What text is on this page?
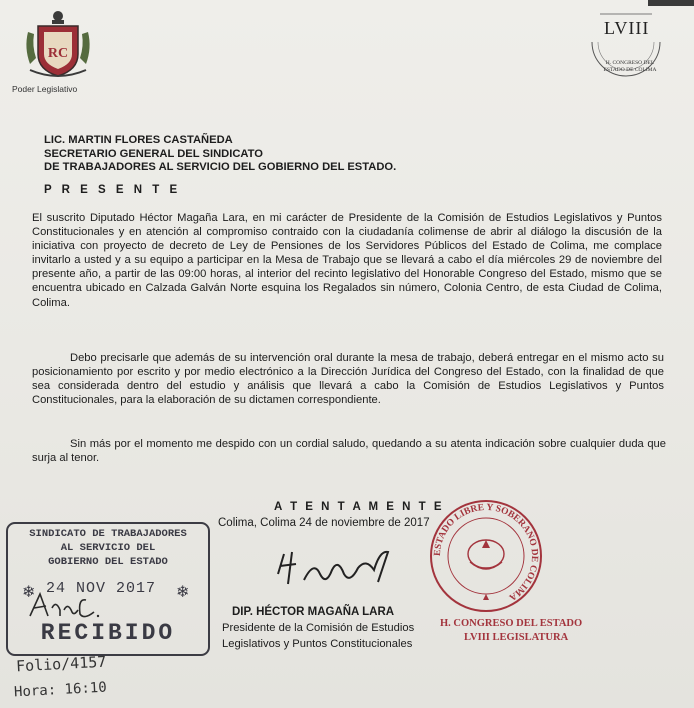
RC
Poder Legislativo
LVIII
H. CONGRESO DEL ESTADO DE COLIMA
LIC. MARTIN FLORES CASTAÑEDA
SECRETARIO GENERAL DEL SINDICATO
DE TRABAJADORES AL SERVICIO DEL GOBIERNO DEL ESTADO.
P R E S E N T E
El suscrito Diputado Héctor Magaña Lara, en mi carácter de Presidente de la Comisión de Estudios Legislativos y Puntos Constitucionales y en atención al compromiso contraido con la ciudadanía colimense de abrir al diálogo la discusión de la iniciativa con proyecto de decreto de Ley de Pensiones de los Servidores Públicos del Estado de Colima, me complace invitarlo a usted y a su equipo a participar en la Mesa de Trabajo que se llevará a cabo el día miércoles 29 de noviembre del presente año, a partir de las 09:00 horas, al interior del recinto legislativo del Honorable Congreso del Estado, mismo que se encuentra ubicado en Calzada Galván Norte esquina los Regalados sin número, Colonia Centro, de esta Ciudad de Colima, Colima.
Debo precisarle que además de su intervención oral durante la mesa de trabajo, deberá entregar en el mismo acto su posicionamiento por escrito y por medio electrónico a la Dirección Jurídica del Congreso del Estado, con la finalidad de que sea considerada dentro del estudio y análisis que llevará a cabo la Comisión de Estudios Legislativos y Puntos Constitucionales, para la elaboración de su dictamen correspondiente.
Sin más por el momento me despido con un cordial saludo, quedando a su atenta indicación sobre cualquier duda que surja al tenor.
A T E N T A M E N T E
Colima, Colima 24 de noviembre de 2017
ESTADO LIBRE Y SOBERANO DE COLIMA
H. CONGRESO DEL ESTADO
LVIII LEGISLATURA
DIP. HÉCTOR MAGAÑA LARA
Presidente de la Comisión de Estudios
Legislativos y Puntos Constitucionales
SINDICATO DE TRABAJADORES
AL SERVICIO DEL
GOBIERNO DEL ESTADO
❄ 24 NOV 2017 ❄
RECIBIDO
Folio/4157
Hora: 16:10
